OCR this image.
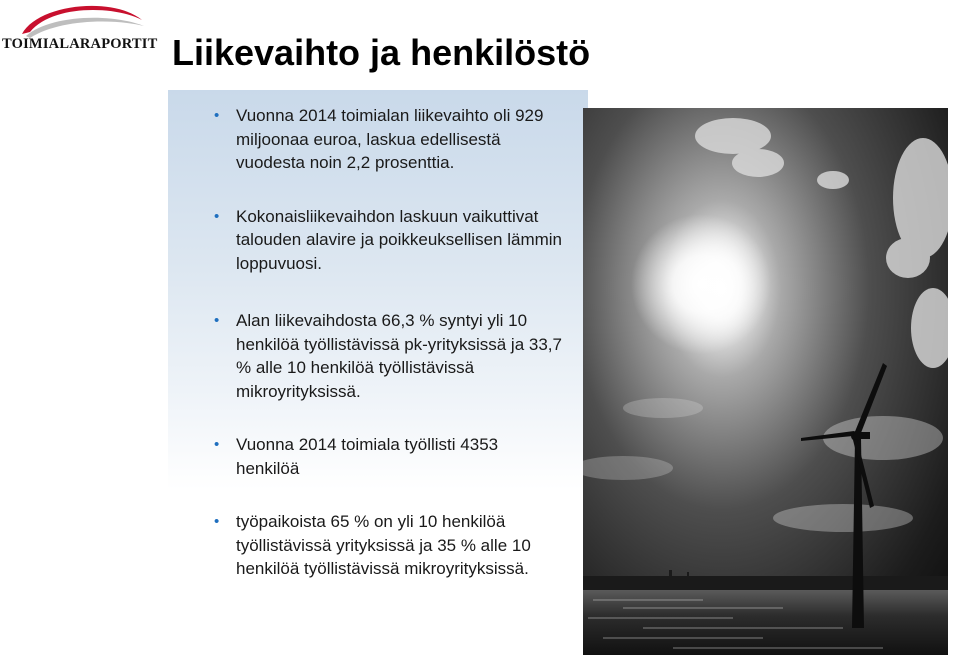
TOIMIALARAPORTIT Liikevaihto ja henkilöstö
• Vuonna 2014 toimialan liikevaihto oli 929 miljoonaa euroa, laskua edellisestä vuodesta noin 2,2 prosenttia.
• Kokonaisliikevaihdon laskuun vaikuttivat talouden alavire ja poikkeuksellisen lämmin loppuvuosi.
• Alan liikevaihdosta 66,3 % syntyi yli 10 henkilöä työllistävissä pk-yrityksissä ja 33,7 % alle 10 henkilöä työllistävissä mikroyrityksissä.
• Vuonna 2014 toimiala työllisti 4353 henkilöä
• työpaikoista 65 % on yli 10 henkilöä työllistävissä yrityksissä ja 35 % alle 10 henkilöä työllistävissä mikroyrityksissä.
